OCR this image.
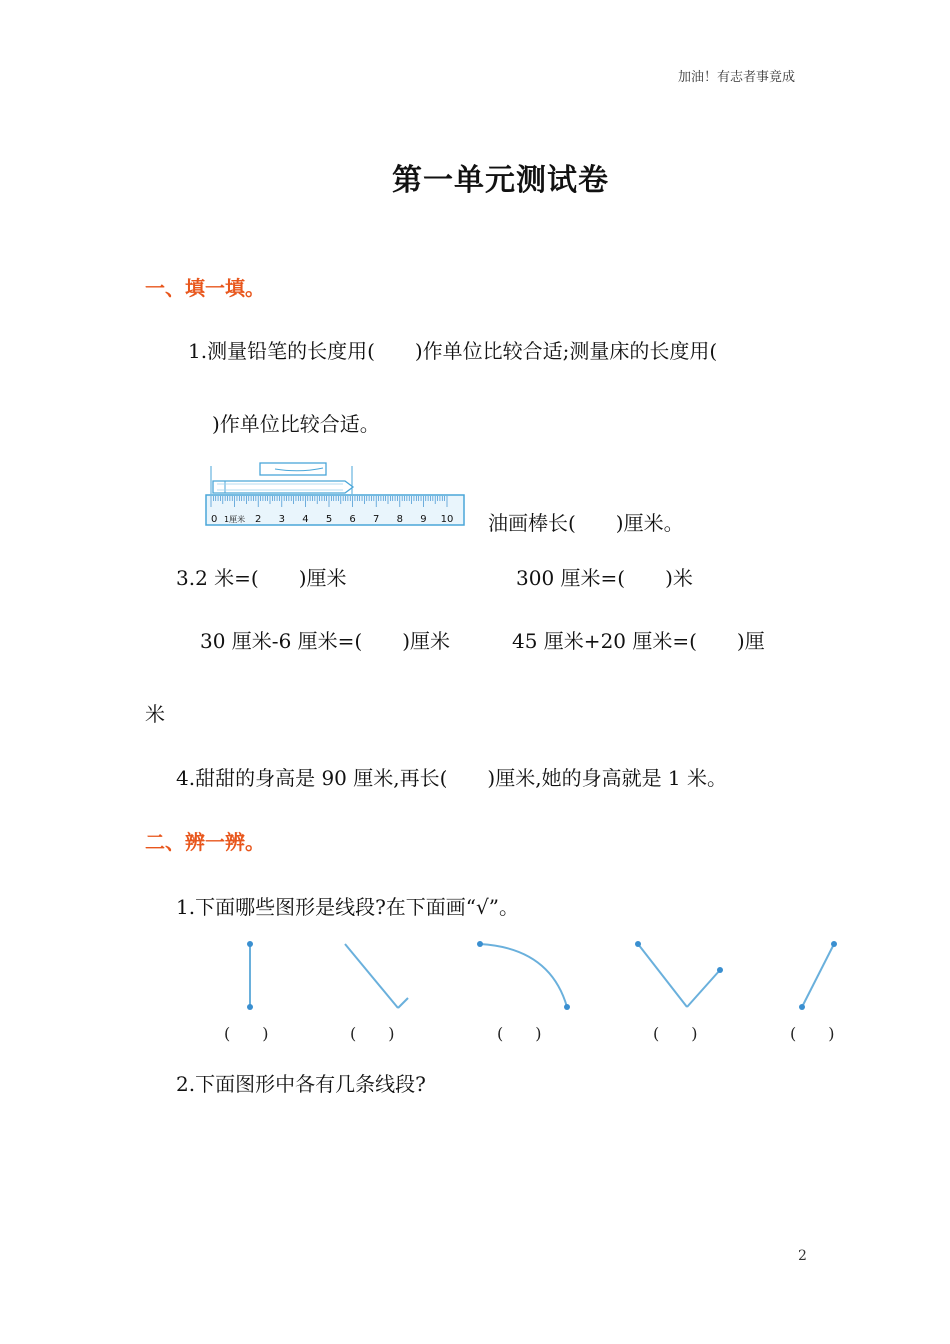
加油！有志者事竟成
第一单元测试卷
一、填一填。
1.测量铅笔的长度用(　　)作单位比较合适;测量床的长度用(
)作单位比较合适。
0 1厘米 2 3 4 5 6 7 8 9 10 油画棒长(　　)厘米。
3.2 米=(　　)厘米	300 厘米=(　　)米
30 厘米-6 厘米=(　　)厘米	45 厘米+20 厘米=(　　)厘
米
4.甜甜的身高是 90 厘米,再长(　　)厘米,她的身高就是 1 米。
二、辨一辨。
1.下面哪些图形是线段?在下面画“√”。
(　　)	(　　)	(　　)	(　　)	(　　)
2.下面图形中各有几条线段?
2
